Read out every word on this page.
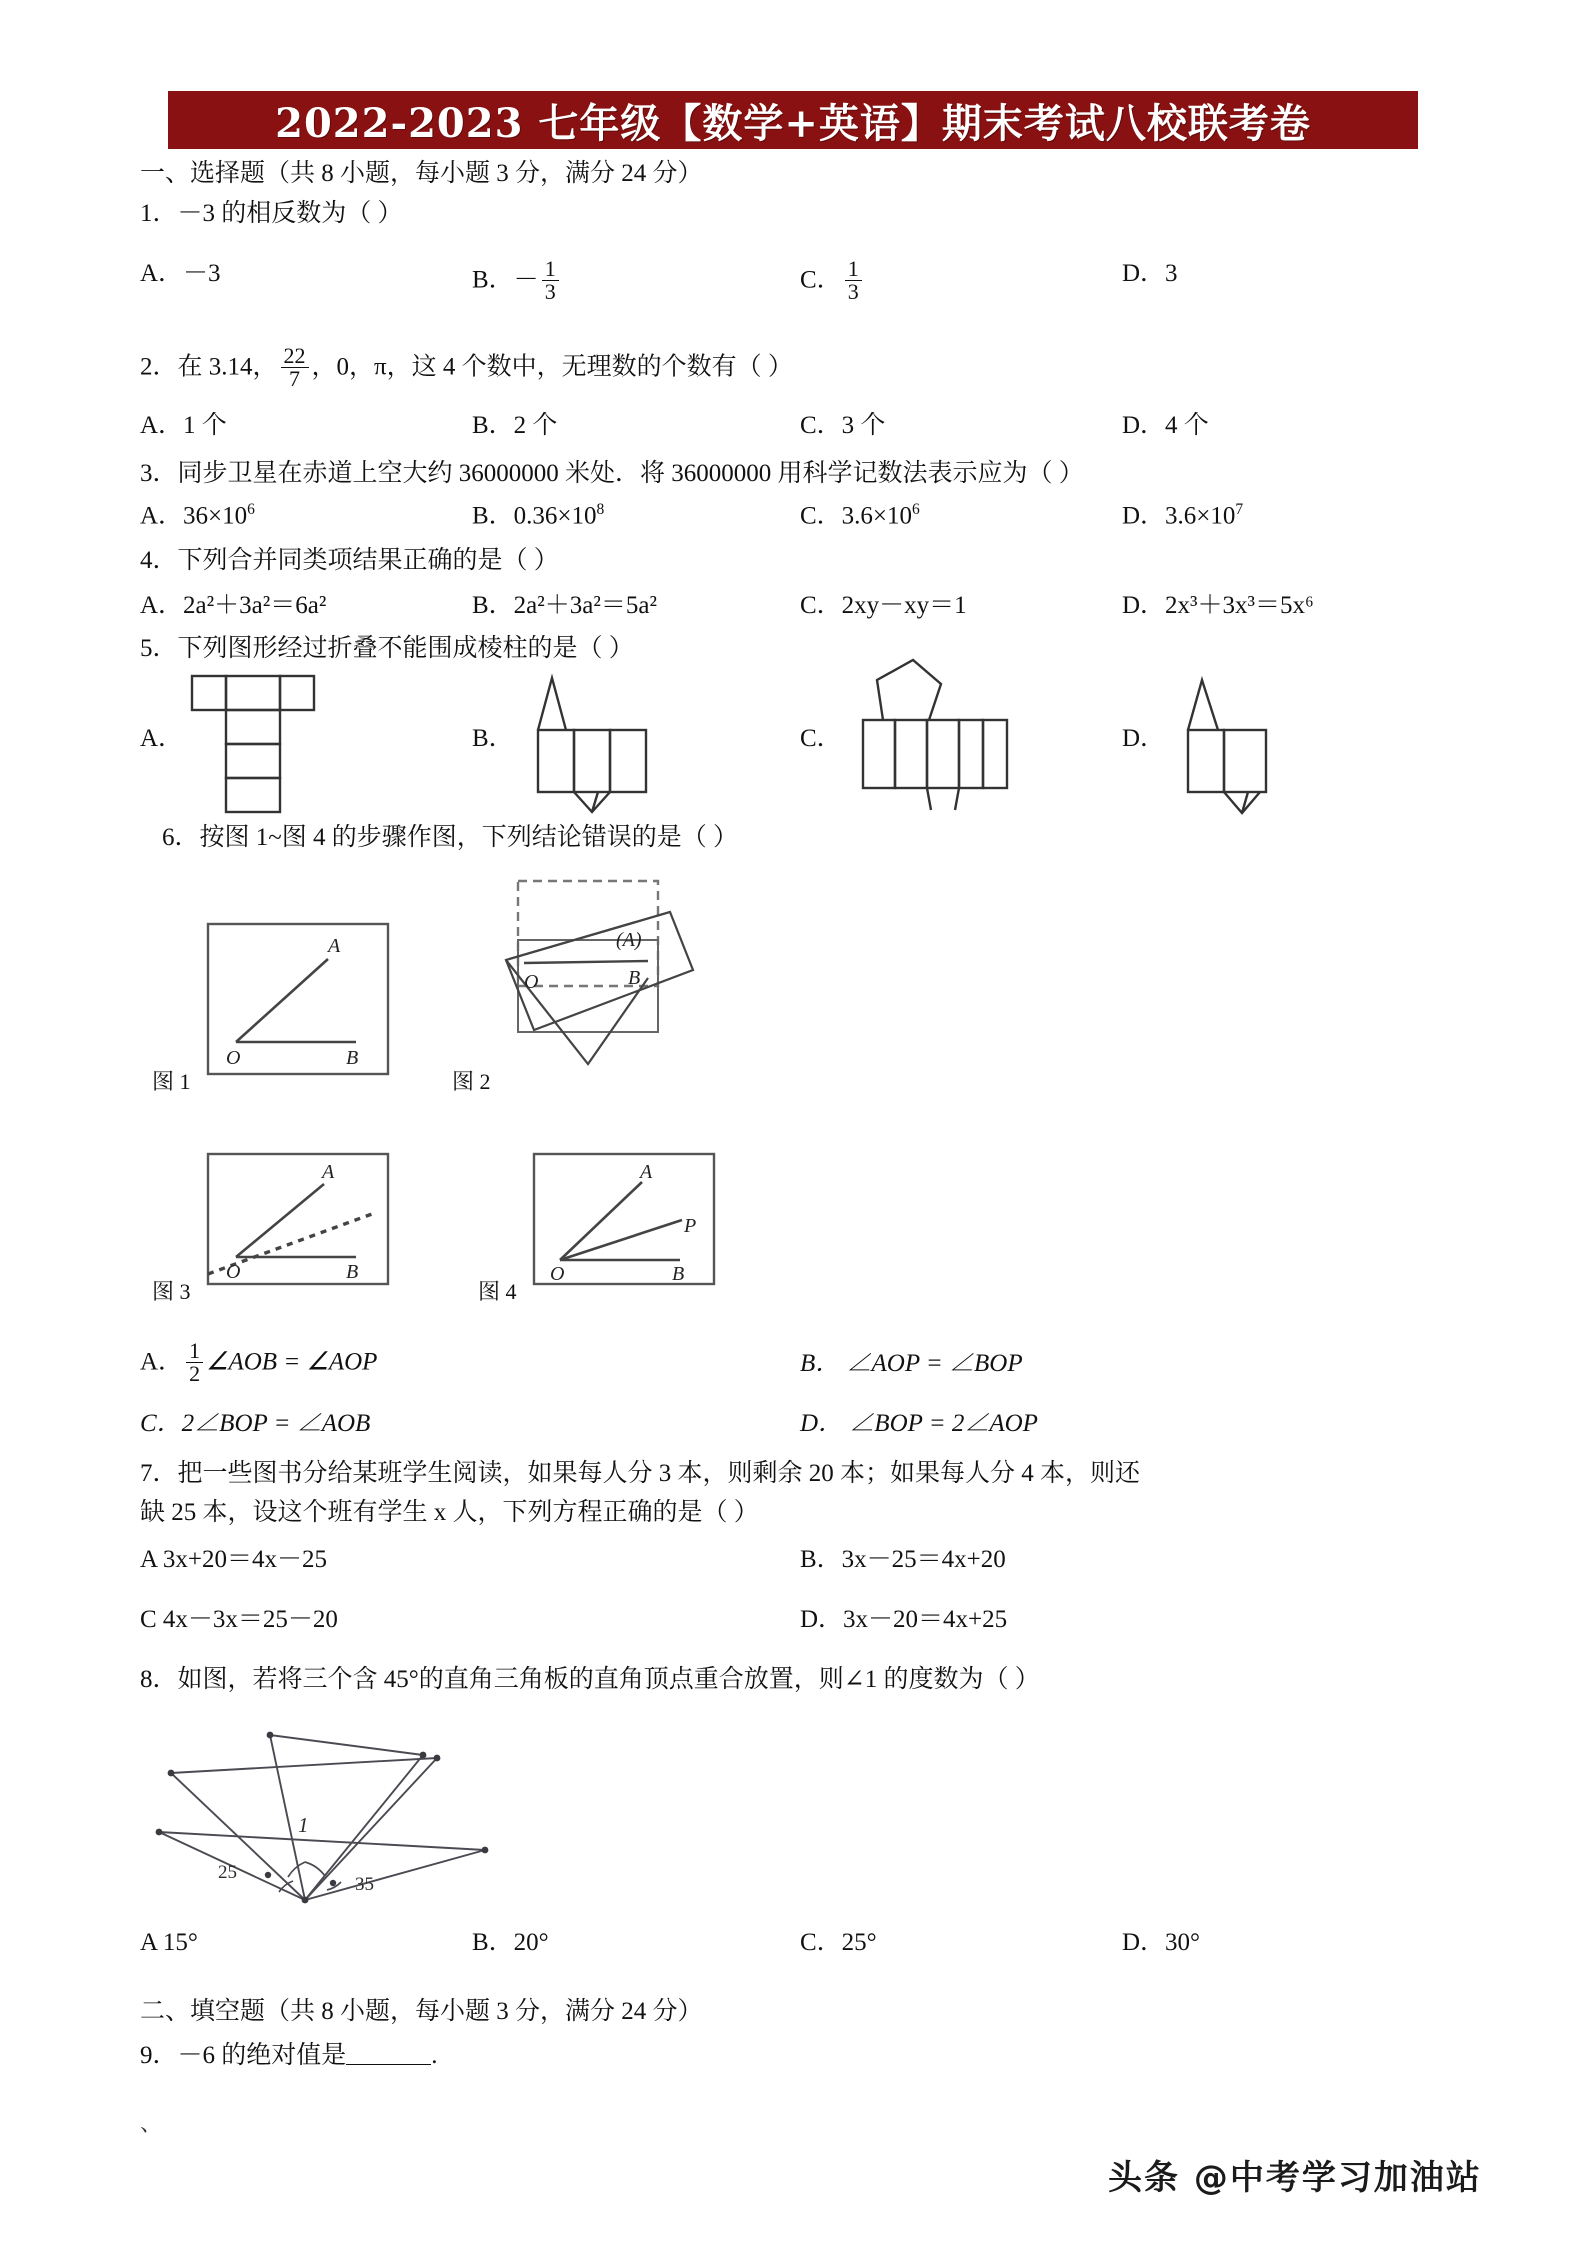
2022-2023 七年级【数学+英语】期末考试八校联考卷
一、选择题（共 8 小题，每小题 3 分，满分 24 分）
1．－3 的相反数为（ ）
A．－3	B．－ $\frac{1}{3}$	C． $\frac{1}{3}$	D．3
2．在 3.14， $\frac{22}{7}$ ，0，π，这 4 个数中，无理数的个数有（ ）
A．1 个	B．2 个	C．3 个	D．4 个
3．同步卫星在赤道上空大约 36000000 米处．将 36000000 用科学记数法表示应为（ ）
A．$36\times 10^6$	B．$0.36\times 10^8$	C．$3.6\times 10^6$	D．$3.6\times 10^7$
4．下列合并同类项结果正确的是（ ）
A．2a²＋3a²＝6a²	B．2a²＋3a²＝5a²	C．2xy－xy＝1	D．2x³＋3x³＝5x⁶
5．下列图形经过折叠不能围成棱柱的是（ ）
A．	B．	C．	D．
6．按图 1~图 4 的步骤作图，下列结论错误的是（ ）
A
O	B
图 1
O	B
(A)
图 2
A
O	B
图 3
A
O	B
P
图 4
A． $\frac{1}{2}$ ∠AOB = ∠AOP	B． ∠AOP = ∠BOP
C．2∠BOP = ∠AOB	D． ∠BOP = 2∠AOP
7．把一些图书分给某班学生阅读，如果每人分 3 本，则剩余 20 本；如果每人分 4 本，则还
缺 25 本，设这个班有学生 x 人，下列方程正确的是（ ）
A 3x+20＝4x－25	B．3x－25＝4x+20
C 4x－3x＝25－20	D．3x－20＝4x+25
8．如图，若将三个含 45°的直角三角板的直角顶点重合放置，则∠1 的度数为（ ）
1
25
35
A 15°	B．20°	C．25°	D．30°
二、填空题（共 8 小题，每小题 3 分，满分 24 分）
9．－6 的绝对值是	.
、
头条 @中考学习加油站
